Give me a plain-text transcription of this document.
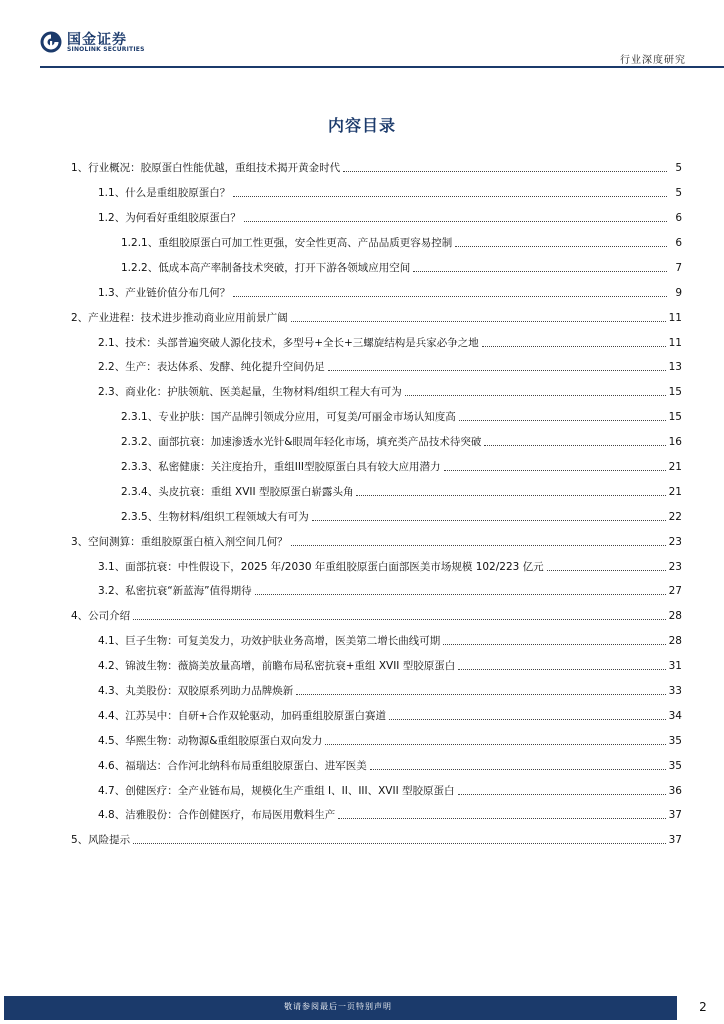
国金证券
SINOLINK SECURITIES
行业深度研究
内容目录
1、行业概况：胶原蛋白性能优越，重组技术揭开黄金时代	5
1.1、什么是重组胶原蛋白？	5
1.2、为何看好重组胶原蛋白？	6
1.2.1、重组胶原蛋白可加工性更强，安全性更高、产品品质更容易控制	6
1.2.2、低成本高产率制备技术突破，打开下游各领域应用空间	7
1.3、产业链价值分布几何？	9
2、产业进程：技术进步推动商业应用前景广阔	11
2.1、技术：头部普遍突破人源化技术，多型号+全长+三螺旋结构是兵家必争之地	11
2.2、生产：表达体系、发酵、纯化提升空间仍足	13
2.3、商业化：护肤领航、医美起量，生物材料/组织工程大有可为	15
2.3.1、专业护肤：国产品牌引领成分应用，可复美/可丽金市场认知度高	15
2.3.2、面部抗衰：加速渗透水光针&眼周年轻化市场，填充类产品技术待突破	16
2.3.3、私密健康：关注度抬升，重组III型胶原蛋白具有较大应用潜力	21
2.3.4、头皮抗衰：重组 XVII 型胶原蛋白崭露头角	21
2.3.5、生物材料/组织工程领域大有可为	22
3、空间测算：重组胶原蛋白植入剂空间几何？	23
3.1、面部抗衰：中性假设下，2025 年/2030 年重组胶原蛋白面部医美市场规模 102/223 亿元	23
3.2、私密抗衰“新蓝海”值得期待	27
4、公司介绍	28
4.1、巨子生物：可复美发力，功效护肤业务高增，医美第二增长曲线可期	28
4.2、锦波生物：薇旖美放量高增，前瞻布局私密抗衰+重组 XVII 型胶原蛋白	31
4.3、丸美股份：双胶原系列助力品牌焕新	33
4.4、江苏吴中：自研+合作双轮驱动，加码重组胶原蛋白赛道	34
4.5、华熙生物：动物源&重组胶原蛋白双向发力	35
4.6、福瑞达：合作河北纳科布局重组胶原蛋白、进军医美	35
4.7、创健医疗：全产业链布局，规模化生产重组 I、II、III、XVII 型胶原蛋白	36
4.8、洁雅股份：合作创健医疗，布局医用敷料生产	37
5、风险提示	37
敬请参阅最后一页特别声明	2
